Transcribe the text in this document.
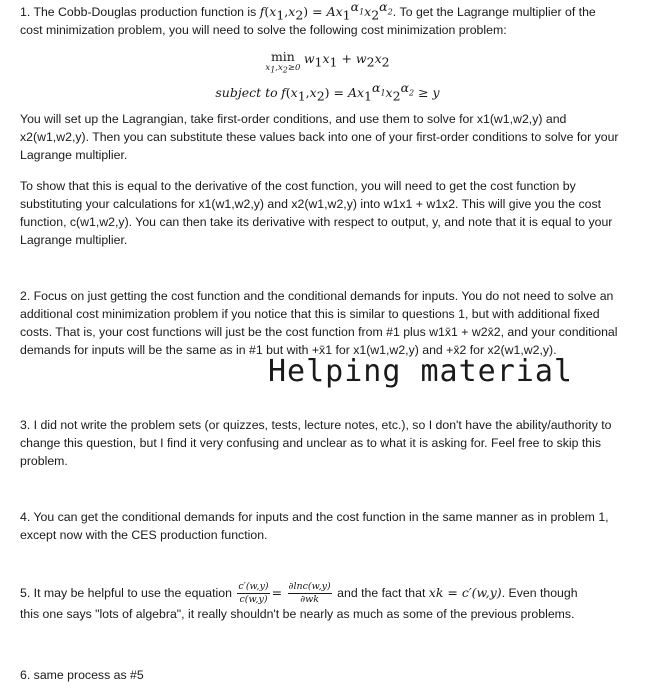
1. The Cobb-Douglas production function is $f(x_1,x_2) = Ax_1^{\alpha_1}x_2^{\alpha_2}$. To get the Lagrange multiplier of the
cost minimization problem, you will need to solve the following cost minimization problem:
min
$x_1,x_2\ge 0$
$w_1x_1 + w_2x_2$
subject to $f(x_1,x_2) = Ax_1^{\alpha_1}x_2^{\alpha_2} \ge y$
You will set up the Lagrangian, take first-order conditions, and use them to solve for x1(w1,w2,y) and x2(w1,w2,y). Then you can substitute these values back into one of your first-order conditions to solve for your Lagrange multiplier.
To show that this is equal to the derivative of the cost function, you will need to get the cost function by substituting your calculations for x1(w1,w2,y) and x2(w1,w2,y) into w1x1 + w1x2. This will give you the cost function, c(w1,w2,y). You can then take its derivative with respect to output, y, and note that it is equal to your Lagrange multiplier.
2. Focus on just getting the cost function and the conditional demands for inputs. You do not need to solve an additional cost minimization problem if you notice that this is similar to questions 1, but with additional fixed costs. That is, your cost functions will just be the cost function from #1 plus w1x̄1 + w2x̄2, and your conditional demands for inputs will be the same as in #1 but with +x̄1 for x1(w1,w2,y) and +x̄2 for x2(w1,w2,y).
Helping material
3. I did not write the problem sets (or quizzes, tests, lecture notes, etc.), so I don't have the ability/authority to change this question, but I find it very confusing and unclear as to what it is asking for. Feel free to skip this problem.
4. You can get the conditional demands for inputs and the cost function in the same manner as in problem 1, except now with the CES production function.
5. It may be helpful to use the equation $\frac{c'(w,y)}{c(w,y)} = \frac{\partial\ln c(w,y)}{\partial wk}$ and the fact that xk = c′(w,y). Even though
this one says "lots of algebra", it really shouldn't be nearly as much as some of the previous problems.
6. same process as #5
